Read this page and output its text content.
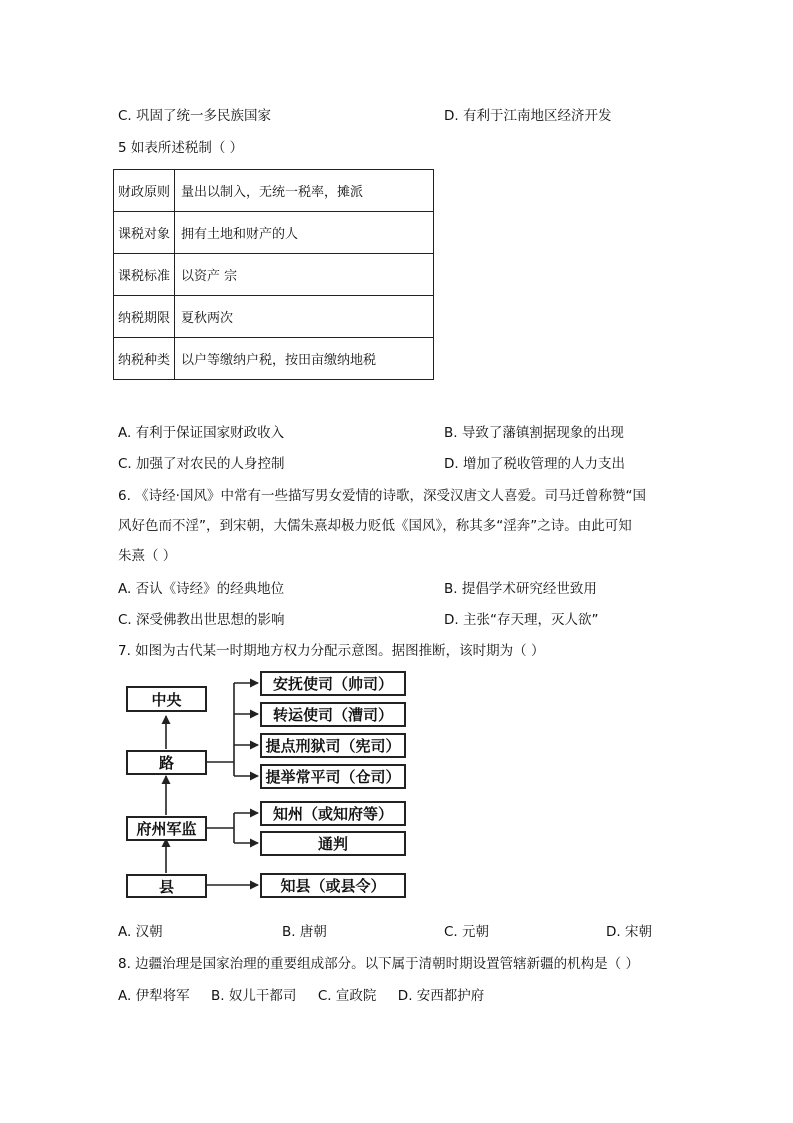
C. 巩固了统一多民族国家	D. 有利于江南地区经济开发
5 如表所述税制（ ）
财政原则	量出以制入，无统一税率，摊派
课税对象	拥有土地和财产的人
课税标准	以资产 宗
纳税期限	夏秋两次
纳税种类	以户等缴纳户税，按田亩缴纳地税
A. 有利于保证国家财政收入	B. 导致了藩镇割据现象的出现
C. 加强了对农民的人身控制	D. 增加了税收管理的人力支出
6. 《诗经·国风》中常有一些描写男女爱情的诗歌，深受汉唐文人喜爱。司马迁曾称赞“国
风好色而不淫”，到宋朝，大儒朱熹却极力贬低《国风》，称其多“淫奔”之诗。由此可知
朱熹（ ）
A. 否认《诗经》的经典地位	B. 提倡学术研究经世致用
C. 深受佛教出世思想的影响	D. 主张“存天理，灭人欲”
7. 如图为古代某一时期地方权力分配示意图。据图推断，该时期为（ ）
中央
路
府州军监
县
安抚使司（帅司）
转运使司（漕司）
提点刑狱司（宪司）
提举常平司（仓司）
知州（或知府等）
通判
知县（或县令）
A. 汉朝	B. 唐朝	C. 元朝	D. 宋朝
8. 边疆治理是国家治理的重要组成部分。以下属于清朝时期设置管辖新疆的机构是（ ）
A. 伊犁将军     B. 奴儿干都司     C. 宣政院     D. 安西都护府
